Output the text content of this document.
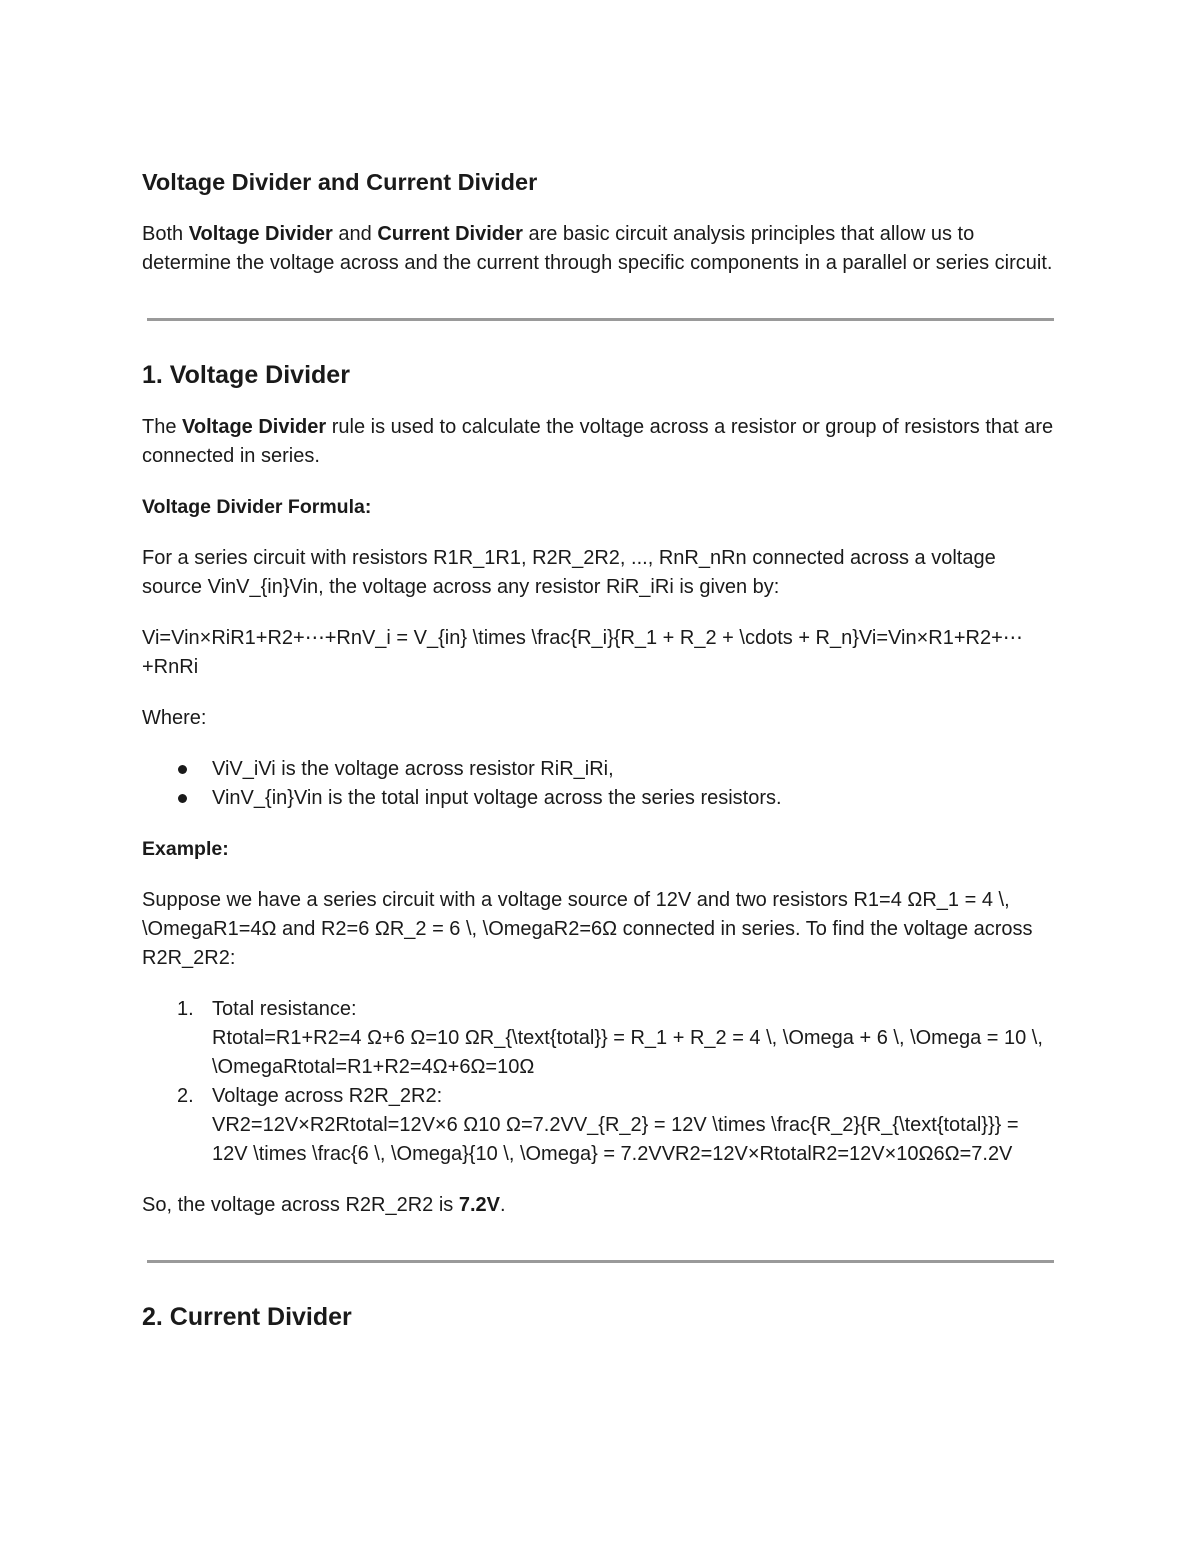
Voltage Divider and Current Divider

Both Voltage Divider and Current Divider are basic circuit analysis principles that allow us to determine the voltage across and the current through specific components in a parallel or series circuit.

1. Voltage Divider

The Voltage Divider rule is used to calculate the voltage across a resistor or group of resistors that are connected in series.

Voltage Divider Formula:

For a series circuit with resistors R1R_1R1, R2R_2R2, ..., RnR_nRn connected across a voltage source VinV_{in}Vin, the voltage across any resistor RiR_iRi is given by:

Vi=Vin×RiR1+R2+⋯+RnV_i = V_{in} \times \frac{R_i}{R_1 + R_2 + \cdots + R_n}Vi=Vin×R1+R2+⋯+RnRi

Where:

ViV_iVi is the voltage across resistor RiR_iRi,
VinV_{in}Vin is the total input voltage across the series resistors.

Example:

Suppose we have a series circuit with a voltage source of 12V and two resistors R1=4 ΩR_1 = 4 \, \OmegaR1=4Ω and R2=6 ΩR_2 = 6 \, \OmegaR2=6Ω connected in series. To find the voltage across R2R_2R2:

1. Total resistance:
Rtotal=R1+R2=4 Ω+6 Ω=10 ΩR_{\text{total}} = R_1 + R_2 = 4 \, \Omega + 6 \, \Omega = 10 \, \OmegaRtotal=R1+R2=4Ω+6Ω=10Ω
2. Voltage across R2R_2R2:
VR2=12V×R2Rtotal=12V×6 Ω10 Ω=7.2VV_{R_2} = 12V \times \frac{R_2}{R_{\text{total}}} = 12V \times \frac{6 \, \Omega}{10 \, \Omega} = 7.2VVR2=12V×RtotalR2=12V×10Ω6Ω=7.2V

So, the voltage across R2R_2R2 is 7.2V.

2. Current Divider
